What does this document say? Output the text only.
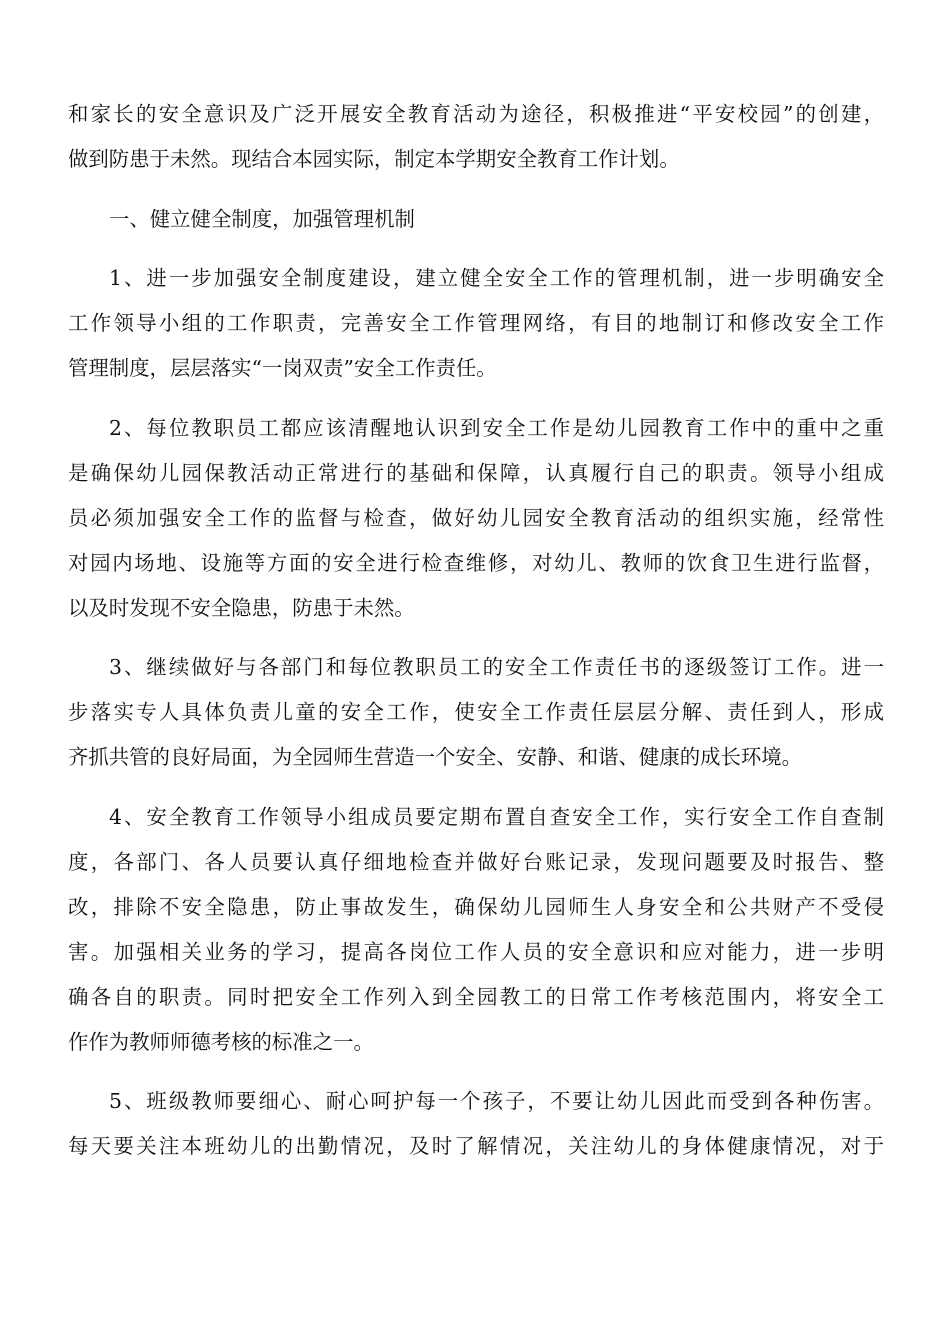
和家长的安全意识及广泛开展安全教育活动为途径，积极推进“平安校园”的创建，
做到防患于未然。现结合本园实际，制定本学期安全教育工作计划。
一、健立健全制度，加强管理机制
1、进一步加强安全制度建设，建立健全安全工作的管理机制，进一步明确安全
工作领导小组的工作职责，完善安全工作管理网络，有目的地制订和修改安全工作
管理制度，层层落实“一岗双责”安全工作责任。
2、每位教职员工都应该清醒地认识到安全工作是幼儿园教育工作中的重中之重
是确保幼儿园保教活动正常进行的基础和保障，认真履行自己的职责。领导小组成
员必须加强安全工作的监督与检查，做好幼儿园安全教育活动的组织实施，经常性
对园内场地、设施等方面的安全进行检查维修，对幼儿、教师的饮食卫生进行监督，
以及时发现不安全隐患，防患于未然。
3、继续做好与各部门和每位教职员工的安全工作责任书的逐级签订工作。进一
步落实专人具体负责儿童的安全工作，使安全工作责任层层分解、责任到人，形成
齐抓共管的良好局面，为全园师生营造一个安全、安静、和谐、健康的成长环境。
4、安全教育工作领导小组成员要定期布置自查安全工作，实行安全工作自查制
度，各部门、各人员要认真仔细地检查并做好台账记录，发现问题要及时报告、整
改，排除不安全隐患，防止事故发生，确保幼儿园师生人身安全和公共财产不受侵
害。加强相关业务的学习，提高各岗位工作人员的安全意识和应对能力，进一步明
确各自的职责。同时把安全工作列入到全园教工的日常工作考核范围内，将安全工
作作为教师师德考核的标准之一。
5、班级教师要细心、耐心呵护每一个孩子，不要让幼儿因此而受到各种伤害。
每天要关注本班幼儿的出勤情况，及时了解情况，关注幼儿的身体健康情况，对于
